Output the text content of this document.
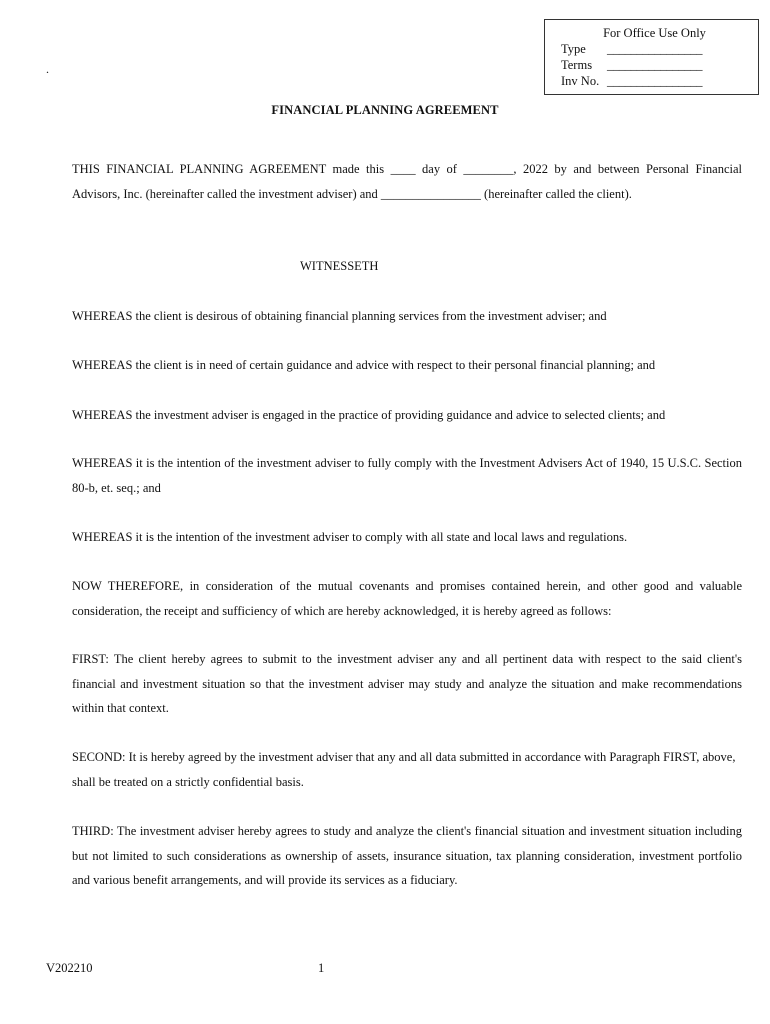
For Office Use Only
Type	________________
Terms	________________
Inv No. ________________
.
FINANCIAL PLANNING AGREEMENT

THIS FINANCIAL PLANNING AGREEMENT made this ____ day of ________, 2022 by and between Personal Financial Advisors, Inc. (hereinafter called the investment adviser) and ________________ (hereinafter called the client).

WITNESSETH

WHEREAS the client is desirous of obtaining financial planning services from the investment adviser; and

WHEREAS the client is in need of certain guidance and advice with respect to their personal financial planning; and

WHEREAS the investment adviser is engaged in the practice of providing guidance and advice to selected clients; and

WHEREAS it is the intention of the investment adviser to fully comply with the Investment Advisers Act of 1940, 15 U.S.C. Section 80-b, et. seq.; and

WHEREAS it is the intention of the investment adviser to comply with all state and local laws and regulations.

NOW THEREFORE, in consideration of the mutual covenants and promises contained herein, and other good and valuable consideration, the receipt and sufficiency of which are hereby acknowledged, it is hereby agreed as follows:

FIRST: The client hereby agrees to submit to the investment adviser any and all pertinent data with respect to the said client's financial and investment situation so that the investment adviser may study and analyze the situation and make recommendations within that context.

SECOND: It is hereby agreed by the investment adviser that any and all data submitted in accordance with Paragraph FIRST, above, shall be treated on a strictly confidential basis.

THIRD: The investment adviser hereby agrees to study and analyze the client's financial situation and investment situation including but not limited to such considerations as ownership of assets, insurance situation, tax planning consideration, investment portfolio and various benefit arrangements, and will provide its services as a fiduciary.

V202210	1
